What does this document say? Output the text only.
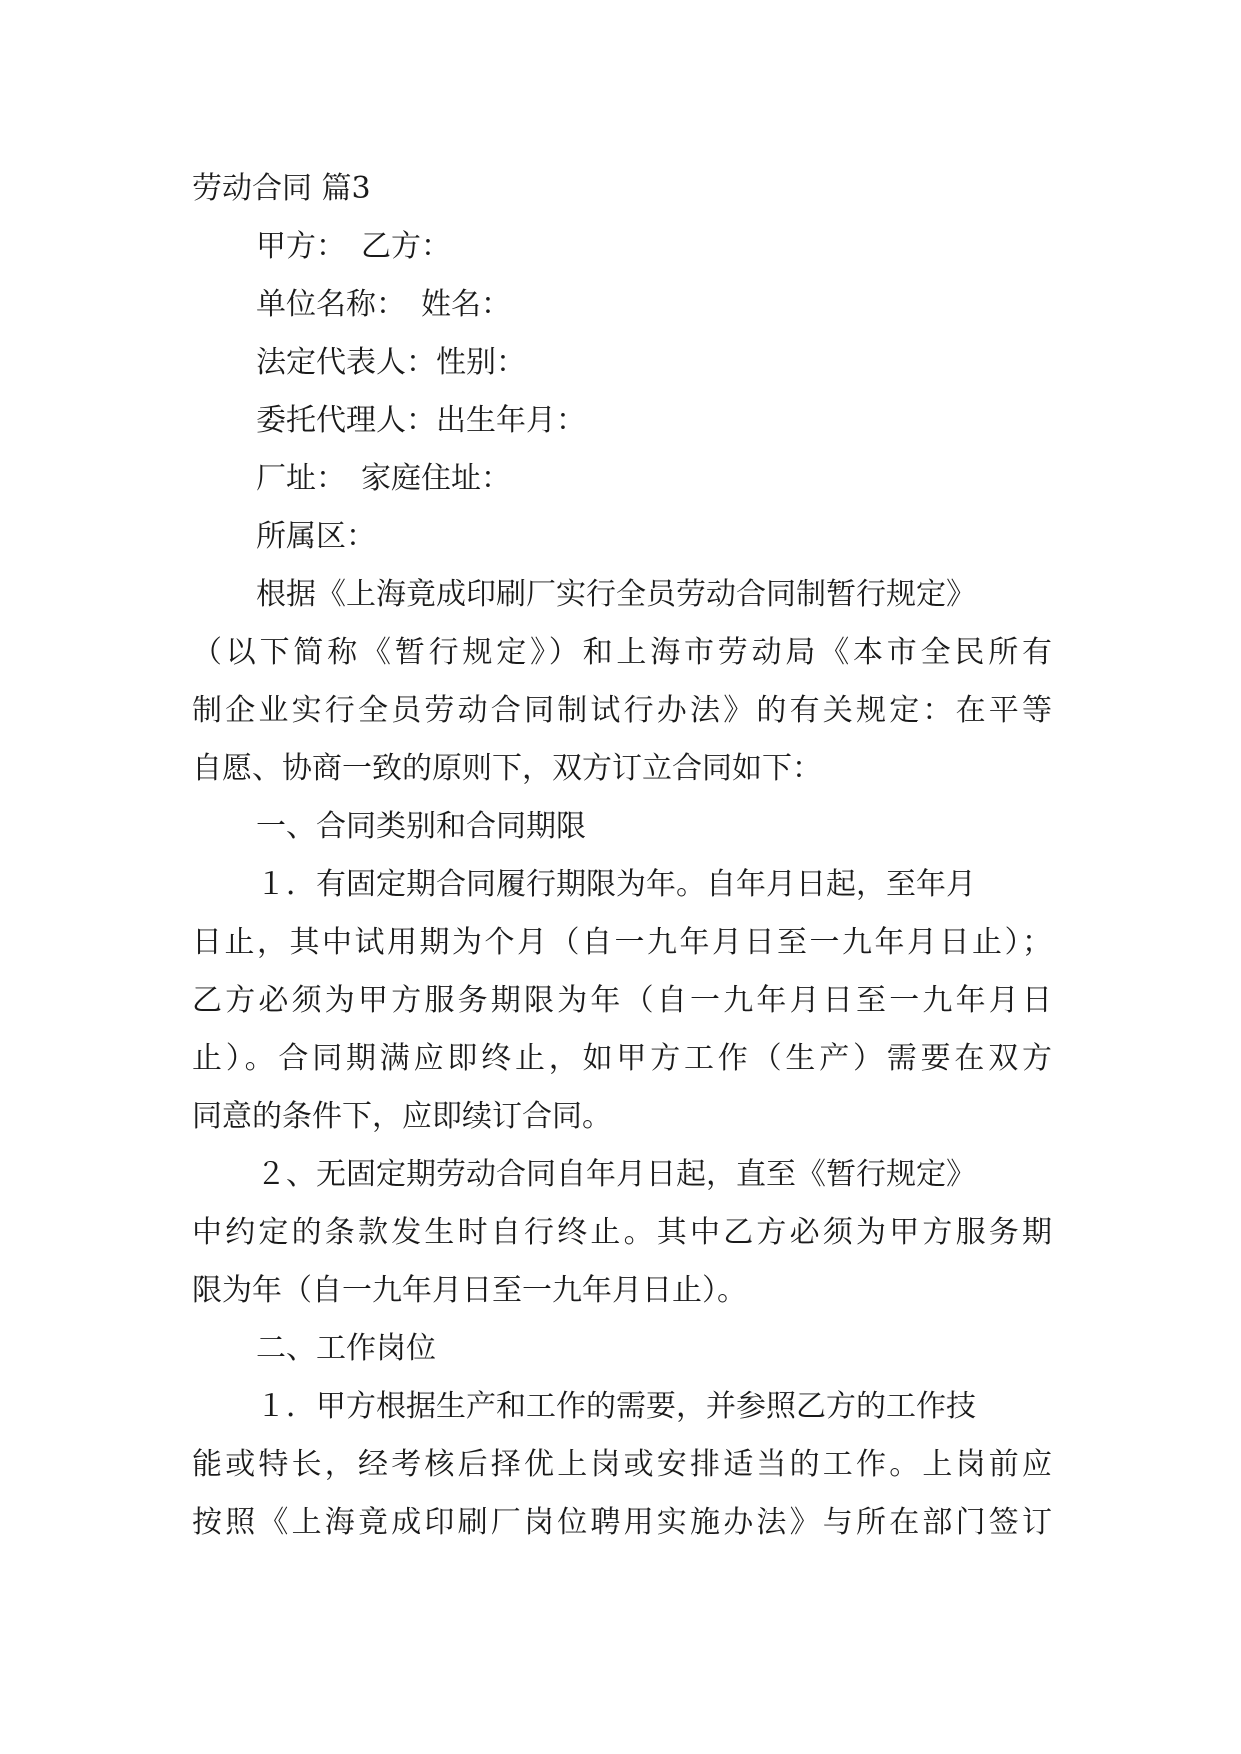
劳动合同 篇3
甲方：　乙方：
单位名称：　姓名：
法定代表人：性别：
委托代理人：出生年月：
厂址：　家庭住址：
所属区：
根据《上海竟成印刷厂实行全员劳动合同制暂行规定》
（以下简称《暂行规定》）和上海市劳动局《本市全民所有
制企业实行全员劳动合同制试行办法》的有关规定：在平等
自愿、协商一致的原则下，双方订立合同如下：
一、合同类别和合同期限
１．有固定期合同履行期限为年。自年月日起，至年月
日止，其中试用期为个月（自一九年月日至一九年月日止）；
乙方必须为甲方服务期限为年（自一九年月日至一九年月日
止）。合同期满应即终止，如甲方工作（生产）需要在双方
同意的条件下，应即续订合同。
２、无固定期劳动合同自年月日起，直至《暂行规定》
中约定的条款发生时自行终止。其中乙方必须为甲方服务期
限为年（自一九年月日至一九年月日止）。
二、工作岗位
１．甲方根据生产和工作的需要，并参照乙方的工作技
能或特长，经考核后择优上岗或安排适当的工作。上岗前应
按照《上海竟成印刷厂岗位聘用实施办法》与所在部门签订
